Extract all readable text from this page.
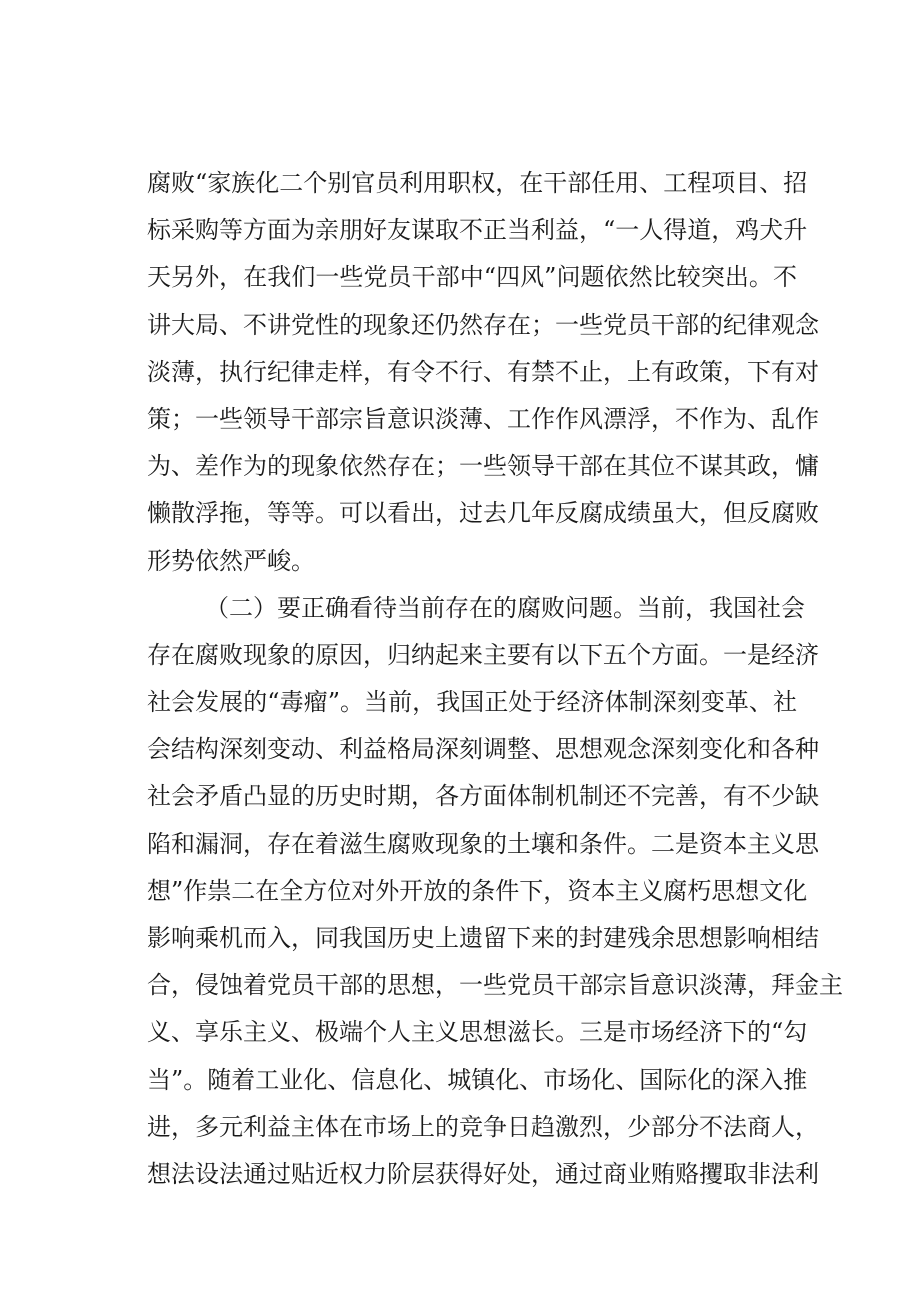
腐败“家族化二个别官员利用职权，在干部任用、工程项目、招
标采购等方面为亲朋好友谋取不正当利益，“一人得道，鸡犬升
天另外，在我们一些党员干部中“四风”问题依然比较突出。不
讲大局、不讲党性的现象还仍然存在；一些党员干部的纪律观念
淡薄，执行纪律走样，有令不行、有禁不止，上有政策，下有对
策；一些领导干部宗旨意识淡薄、工作作风漂浮，不作为、乱作
为、差作为的现象依然存在；一些领导干部在其位不谋其政，慵
懒散浮拖，等等。可以看出，过去几年反腐成绩虽大，但反腐败
形势依然严峻。
（二）要正确看待当前存在的腐败问题。当前，我国社会
存在腐败现象的原因，归纳起来主要有以下五个方面。一是经济
社会发展的“毒瘤”。当前，我国正处于经济体制深刻变革、社
会结构深刻变动、利益格局深刻调整、思想观念深刻变化和各种
社会矛盾凸显的历史时期，各方面体制机制还不完善，有不少缺
陷和漏洞，存在着滋生腐败现象的土壤和条件。二是资本主义思
想”作祟二在全方位对外开放的条件下，资本主义腐朽思想文化
影响乘机而入，同我国历史上遗留下来的封建残余思想影响相结
合，侵蚀着党员干部的思想，一些党员干部宗旨意识淡薄，拜金主
义、享乐主义、极端个人主义思想滋长。三是市场经济下的“勾
当”。随着工业化、信息化、城镇化、市场化、国际化的深入推
进，多元利益主体在市场上的竞争日趋激烈，少部分不法商人，
想法设法通过贴近权力阶层获得好处，通过商业贿赂攫取非法利
